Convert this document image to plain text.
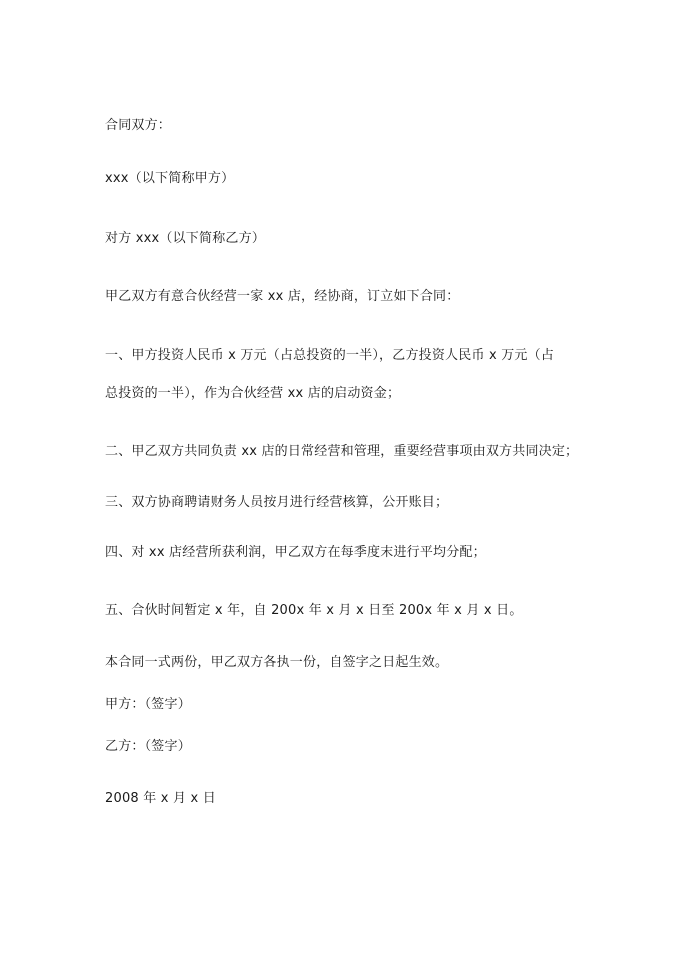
合同双方：
xxx（以下简称甲方）
对方 xxx（以下简称乙方）
甲乙双方有意合伙经营一家 xx 店，经协商，订立如下合同：
一、甲方投资人民币 x 万元（占总投资的一半），乙方投资人民币 x 万元（占
总投资的一半），作为合伙经营 xx 店的启动资金；
二、甲乙双方共同负责 xx 店的日常经营和管理，重要经营事项由双方共同决定；
三、双方协商聘请财务人员按月进行经营核算，公开账目；
四、对 xx 店经营所获利润，甲乙双方在每季度末进行平均分配；
五、合伙时间暂定 x 年，自 200x 年 x 月 x 日至 200x 年 x 月 x 日。
本合同一式两份，甲乙双方各执一份，自签字之日起生效。
甲方：（签字）
乙方：（签字）
2008 年 x 月 x 日
